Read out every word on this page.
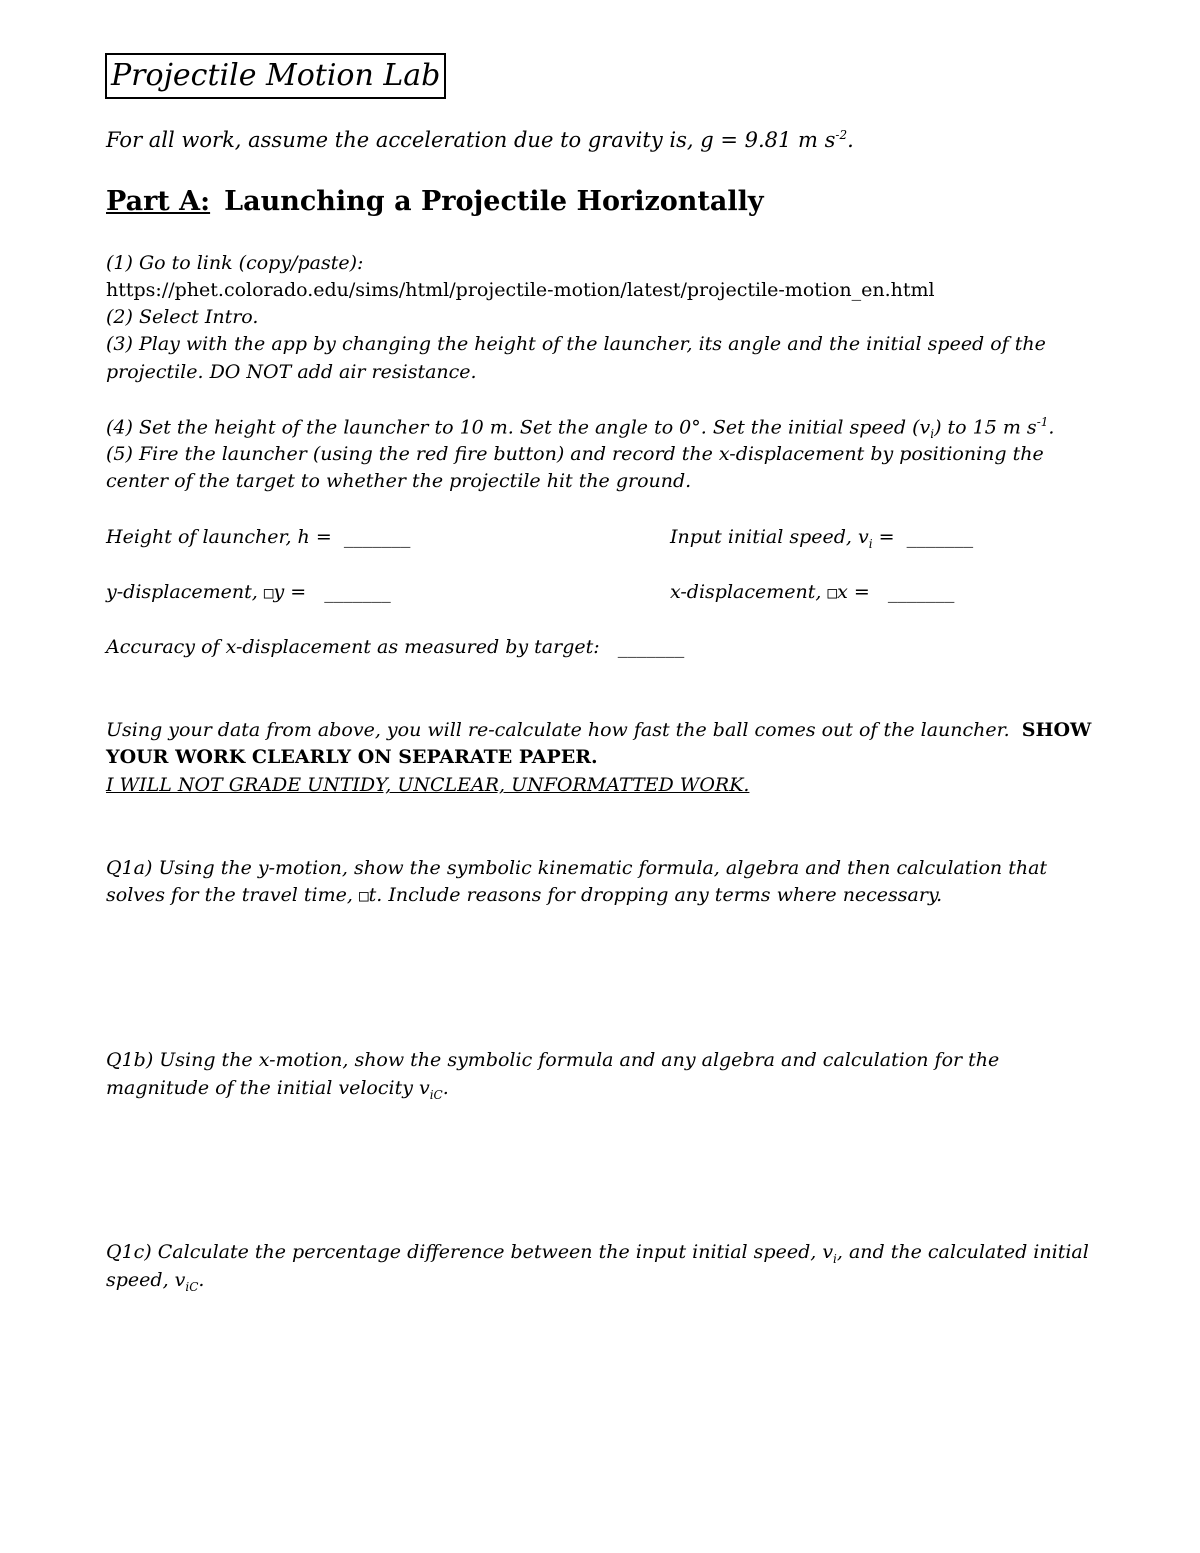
Projectile Motion Lab
For all work, assume the acceleration due to gravity is, g = 9.81 m $s^{-2}$.
Part A: Launching a Projectile Horizontally
(1) Go to link (copy/paste):
https://phet.colorado.edu/sims/html/projectile-motion/latest/projectile-motion_en.html
(2) Select Intro.
(3) Play with the app by changing the height of the launcher, its angle and the initial speed of the
projectile. DO NOT add air resistance.
(4) Set the height of the launcher to 10 m. Set the angle to 0°. Set the initial speed $(v_i)$ to 15 m $s^{-1}$.
(5) Fire the launcher (using the red fire button) and record the x-displacement by positioning the
center of the target to whether the projectile hit the ground.
Height of launcher, h = _______	Input initial speed, $v_i$ = _______
y-displacement, □y = _______	x-displacement, □x = _______
Accuracy of x-displacement as measured by target: _______
Using your data from above, you will re-calculate how fast the ball comes out of the launcher. SHOW
YOUR WORK CLEARLY ON SEPARATE PAPER.
I WILL NOT GRADE UNTIDY, UNCLEAR, UNFORMATTED WORK.
Q1a) Using the y-motion, show the symbolic kinematic formula, algebra and then calculation that
solves for the travel time, □t. Include reasons for dropping any terms where necessary.
Q1b) Using the x-motion, show the symbolic formula and any algebra and calculation for the
magnitude of the initial velocity $v_{iC}$.
Q1c) Calculate the percentage difference between the input initial speed, $v_i$, and the calculated initial
speed, $v_{iC}$.
